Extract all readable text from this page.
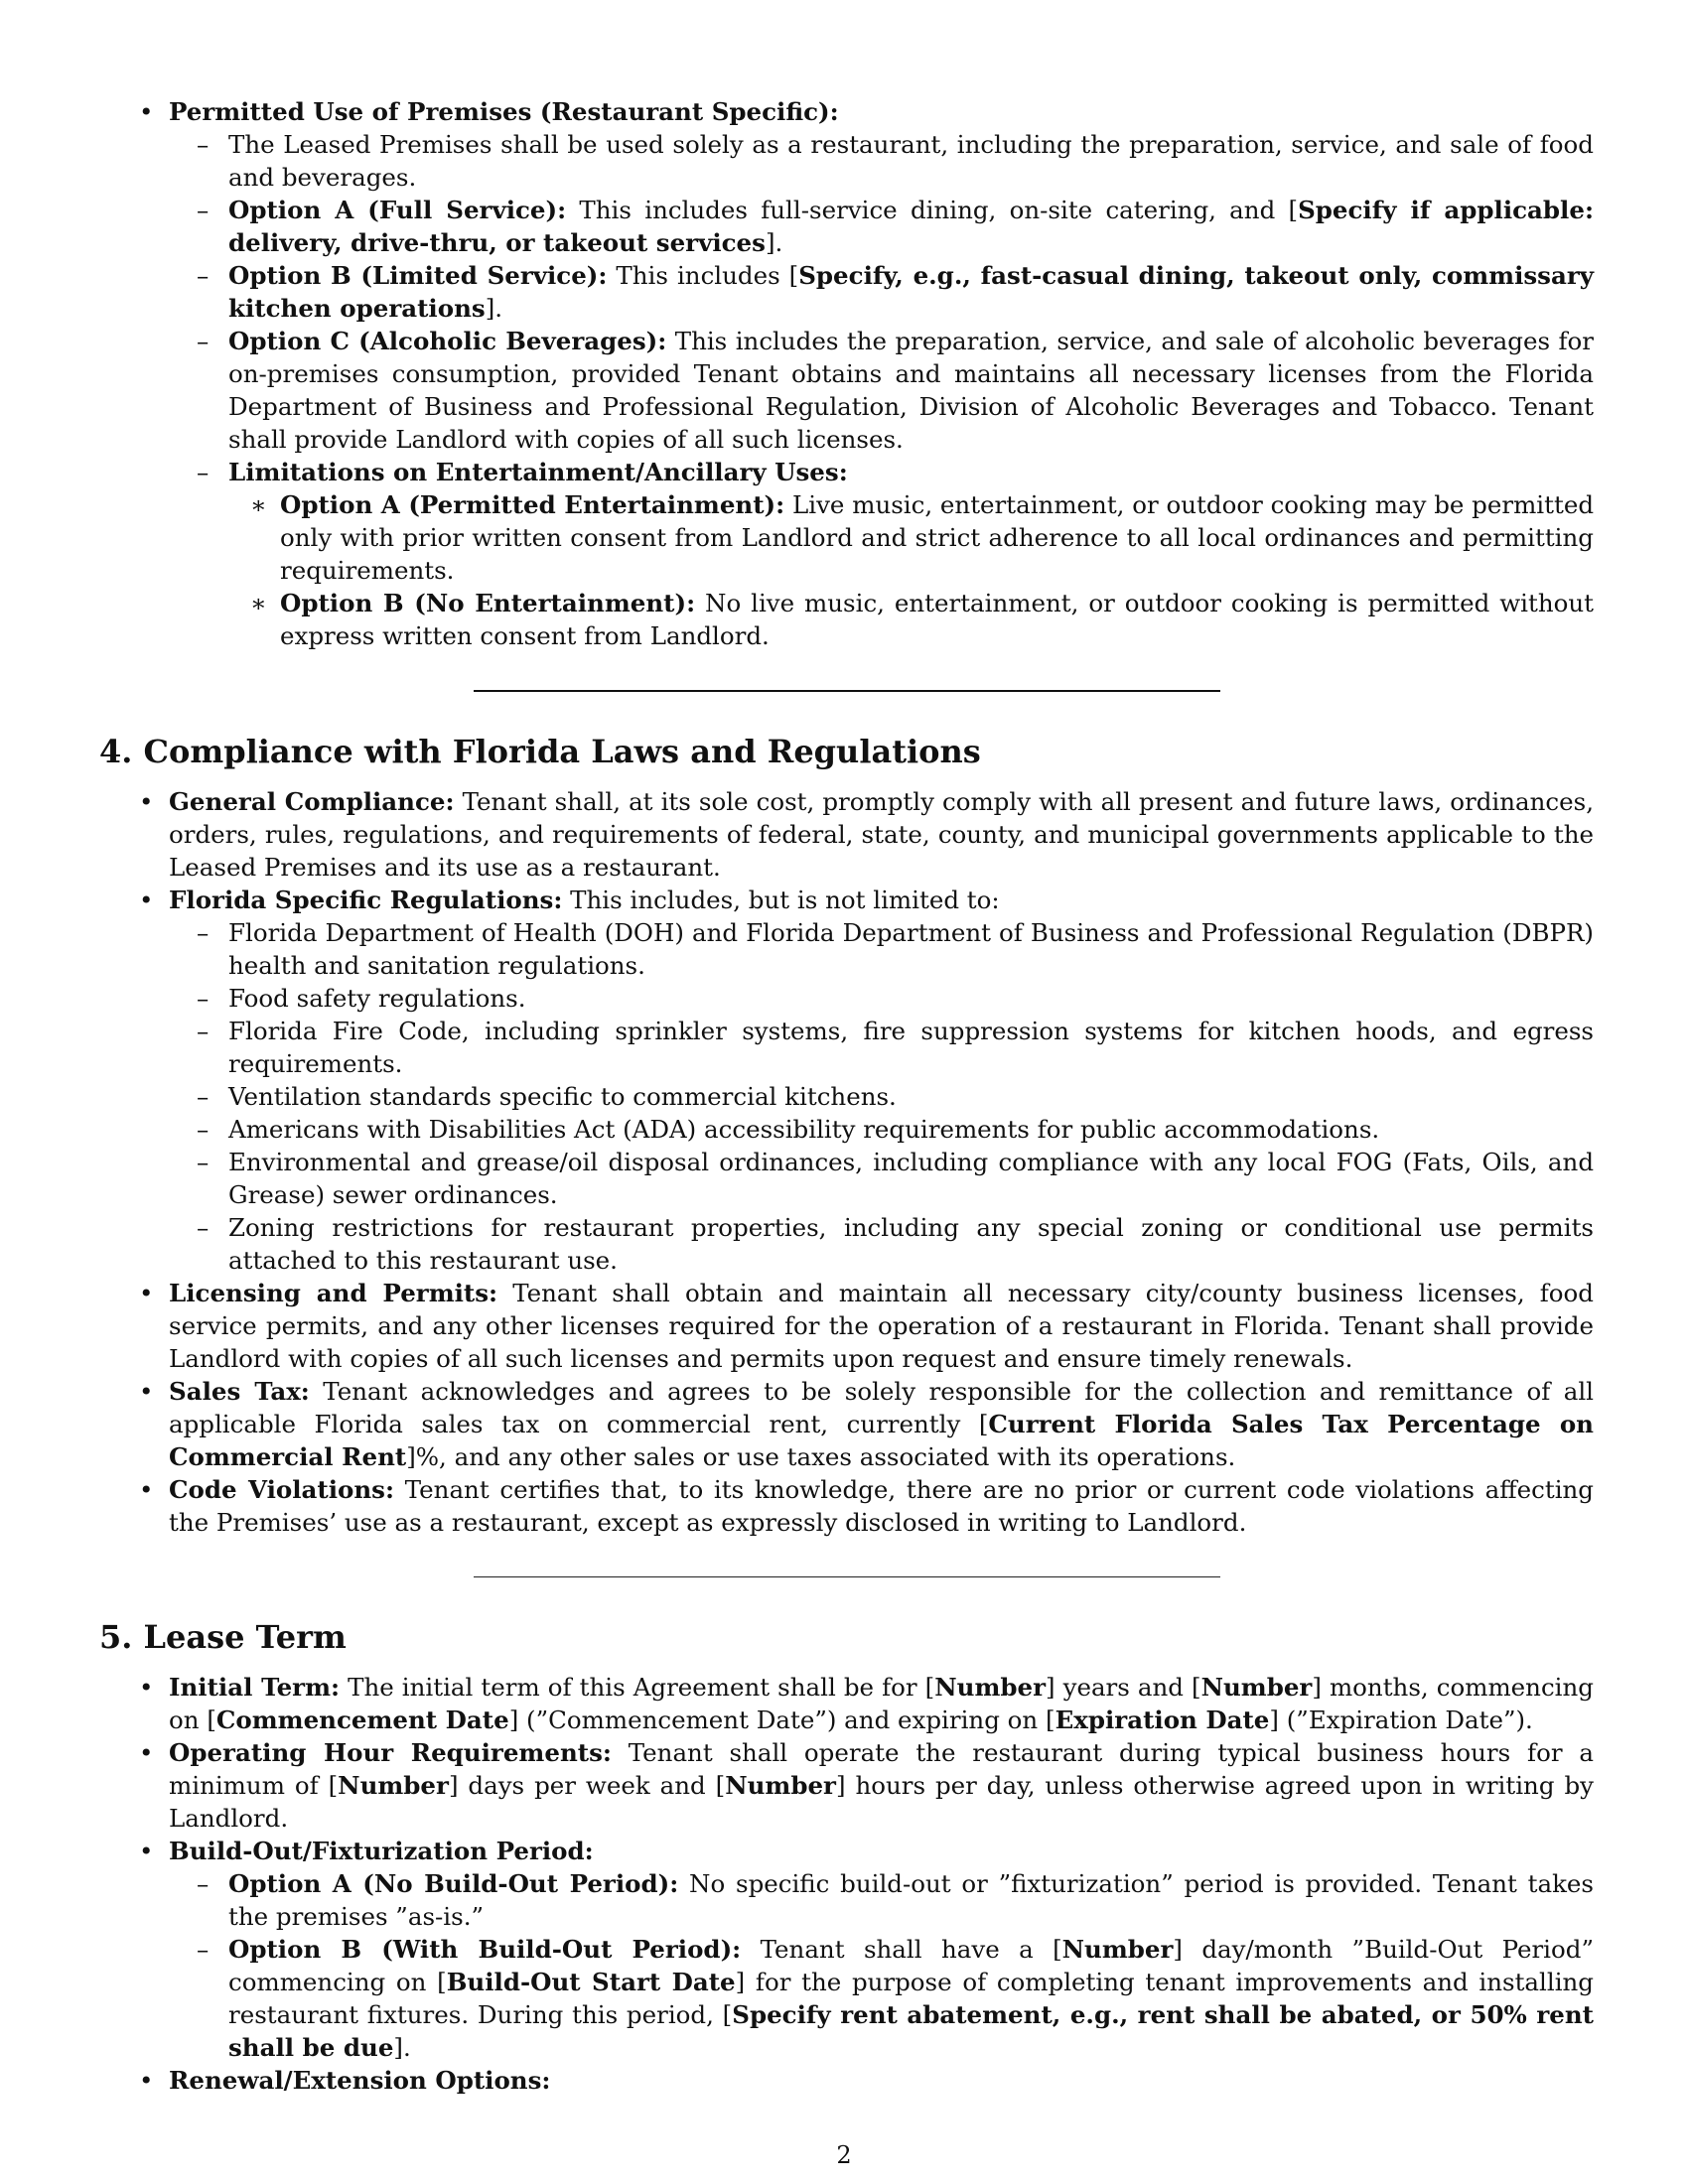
• Permitted Use of Premises (Restaurant Specific):
– The Leased Premises shall be used solely as a restaurant, including the preparation, service, and sale of food and beverages.
– Option A (Full Service): This includes full-service dining, on-site catering, and [Specify if applicable: delivery, drive-thru, or takeout services].
– Option B (Limited Service): This includes [Specify, e.g., fast-casual dining, takeout only, commissary kitchen operations].
– Option C (Alcoholic Beverages): This includes the preparation, service, and sale of alcoholic beverages for on-premises consumption, provided Tenant obtains and maintains all necessary licenses from the Florida Department of Business and Professional Regulation, Division of Alcoholic Beverages and Tobacco. Tenant shall provide Landlord with copies of all such licenses.
– Limitations on Entertainment/Ancillary Uses:
∗ Option A (Permitted Entertainment): Live music, entertainment, or outdoor cooking may be permitted only with prior written consent from Landlord and strict adherence to all local ordinances and permitting requirements.
∗ Option B (No Entertainment): No live music, entertainment, or outdoor cooking is permitted without express written consent from Landlord.
4. Compliance with Florida Laws and Regulations
• General Compliance: Tenant shall, at its sole cost, promptly comply with all present and future laws, ordinances, orders, rules, regulations, and requirements of federal, state, county, and municipal governments applicable to the Leased Premises and its use as a restaurant.
• Florida Specific Regulations: This includes, but is not limited to:
– Florida Department of Health (DOH) and Florida Department of Business and Professional Regulation (DBPR) health and sanitation regulations.
– Food safety regulations.
– Florida Fire Code, including sprinkler systems, fire suppression systems for kitchen hoods, and egress requirements.
– Ventilation standards specific to commercial kitchens.
– Americans with Disabilities Act (ADA) accessibility requirements for public accommodations.
– Environmental and grease/oil disposal ordinances, including compliance with any local FOG (Fats, Oils, and Grease) sewer ordinances.
– Zoning restrictions for restaurant properties, including any special zoning or conditional use permits attached to this restaurant use.
• Licensing and Permits: Tenant shall obtain and maintain all necessary city/county business licenses, food service permits, and any other licenses required for the operation of a restaurant in Florida. Tenant shall provide Landlord with copies of all such licenses and permits upon request and ensure timely renewals.
• Sales Tax: Tenant acknowledges and agrees to be solely responsible for the collection and remittance of all applicable Florida sales tax on commercial rent, currently [Current Florida Sales Tax Percentage on Commercial Rent]%, and any other sales or use taxes associated with its operations.
• Code Violations: Tenant certifies that, to its knowledge, there are no prior or current code violations affecting the Premises’ use as a restaurant, except as expressly disclosed in writing to Landlord.
5. Lease Term
• Initial Term: The initial term of this Agreement shall be for [Number] years and [Number] months, commencing on [Commencement Date] (”Commencement Date”) and expiring on [Expiration Date] (”Expiration Date”).
• Operating Hour Requirements: Tenant shall operate the restaurant during typical business hours for a minimum of [Number] days per week and [Number] hours per day, unless otherwise agreed upon in writing by Landlord.
• Build-Out/Fixturization Period:
– Option A (No Build-Out Period): No specific build-out or ”fixturization” period is provided. Tenant takes the premises ”as-is.”
– Option B (With Build-Out Period): Tenant shall have a [Number] day/month ”Build-Out Period” commencing on [Build-Out Start Date] for the purpose of completing tenant improvements and installing restaurant fixtures. During this period, [Specify rent abatement, e.g., rent shall be abated, or 50% rent shall be due].
• Renewal/Extension Options:
2
